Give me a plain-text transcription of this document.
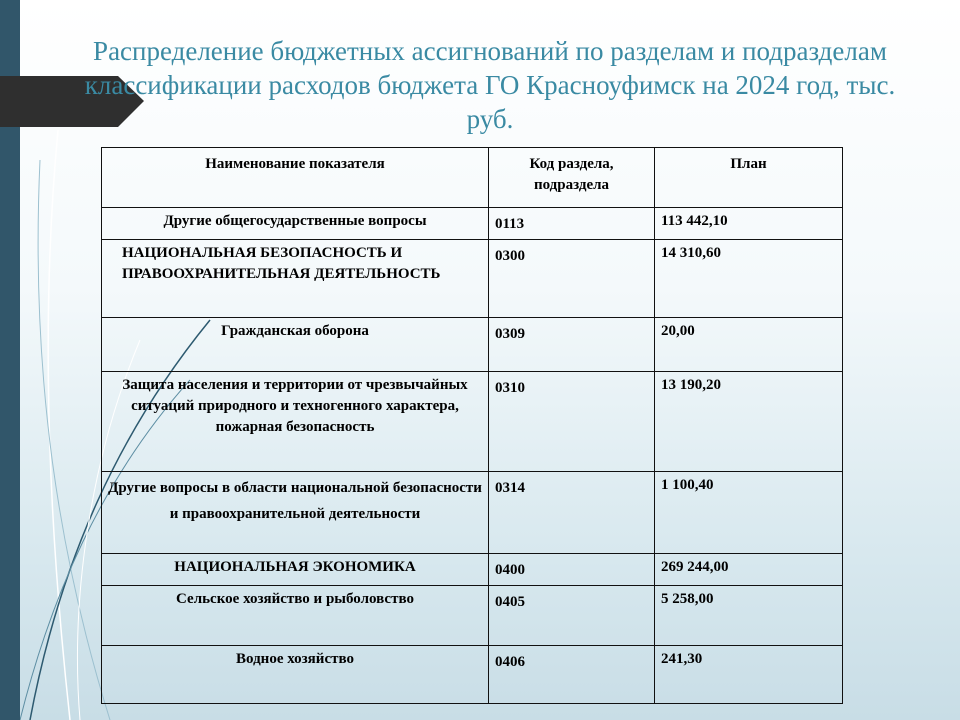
Распределение бюджетных ассигнований по разделам и подразделам классификации расходов бюджета ГО Красноуфимск на 2024 год, тыс. руб.
Наименование показателя	Код раздела, подраздела	План
Другие общегосударственные вопросы	0113	113 442,10
НАЦИОНАЛЬНАЯ БЕЗОПАСНОСТЬ И ПРАВООХРАНИТЕЛЬНАЯ ДЕЯТЕЛЬНОСТЬ	0300	14 310,60
Гражданская оборона	0309	20,00
Защита населения и территории от чрезвычайных ситуаций природного и техногенного характера, пожарная безопасность	0310	13 190,20
Другие вопросы в области национальной безопасности и правоохранительной деятельности	0314	1 100,40
НАЦИОНАЛЬНАЯ ЭКОНОМИКА	0400	269 244,00
Сельское хозяйство и рыболовство	0405	5 258,00
Водное хозяйство	0406	241,30
